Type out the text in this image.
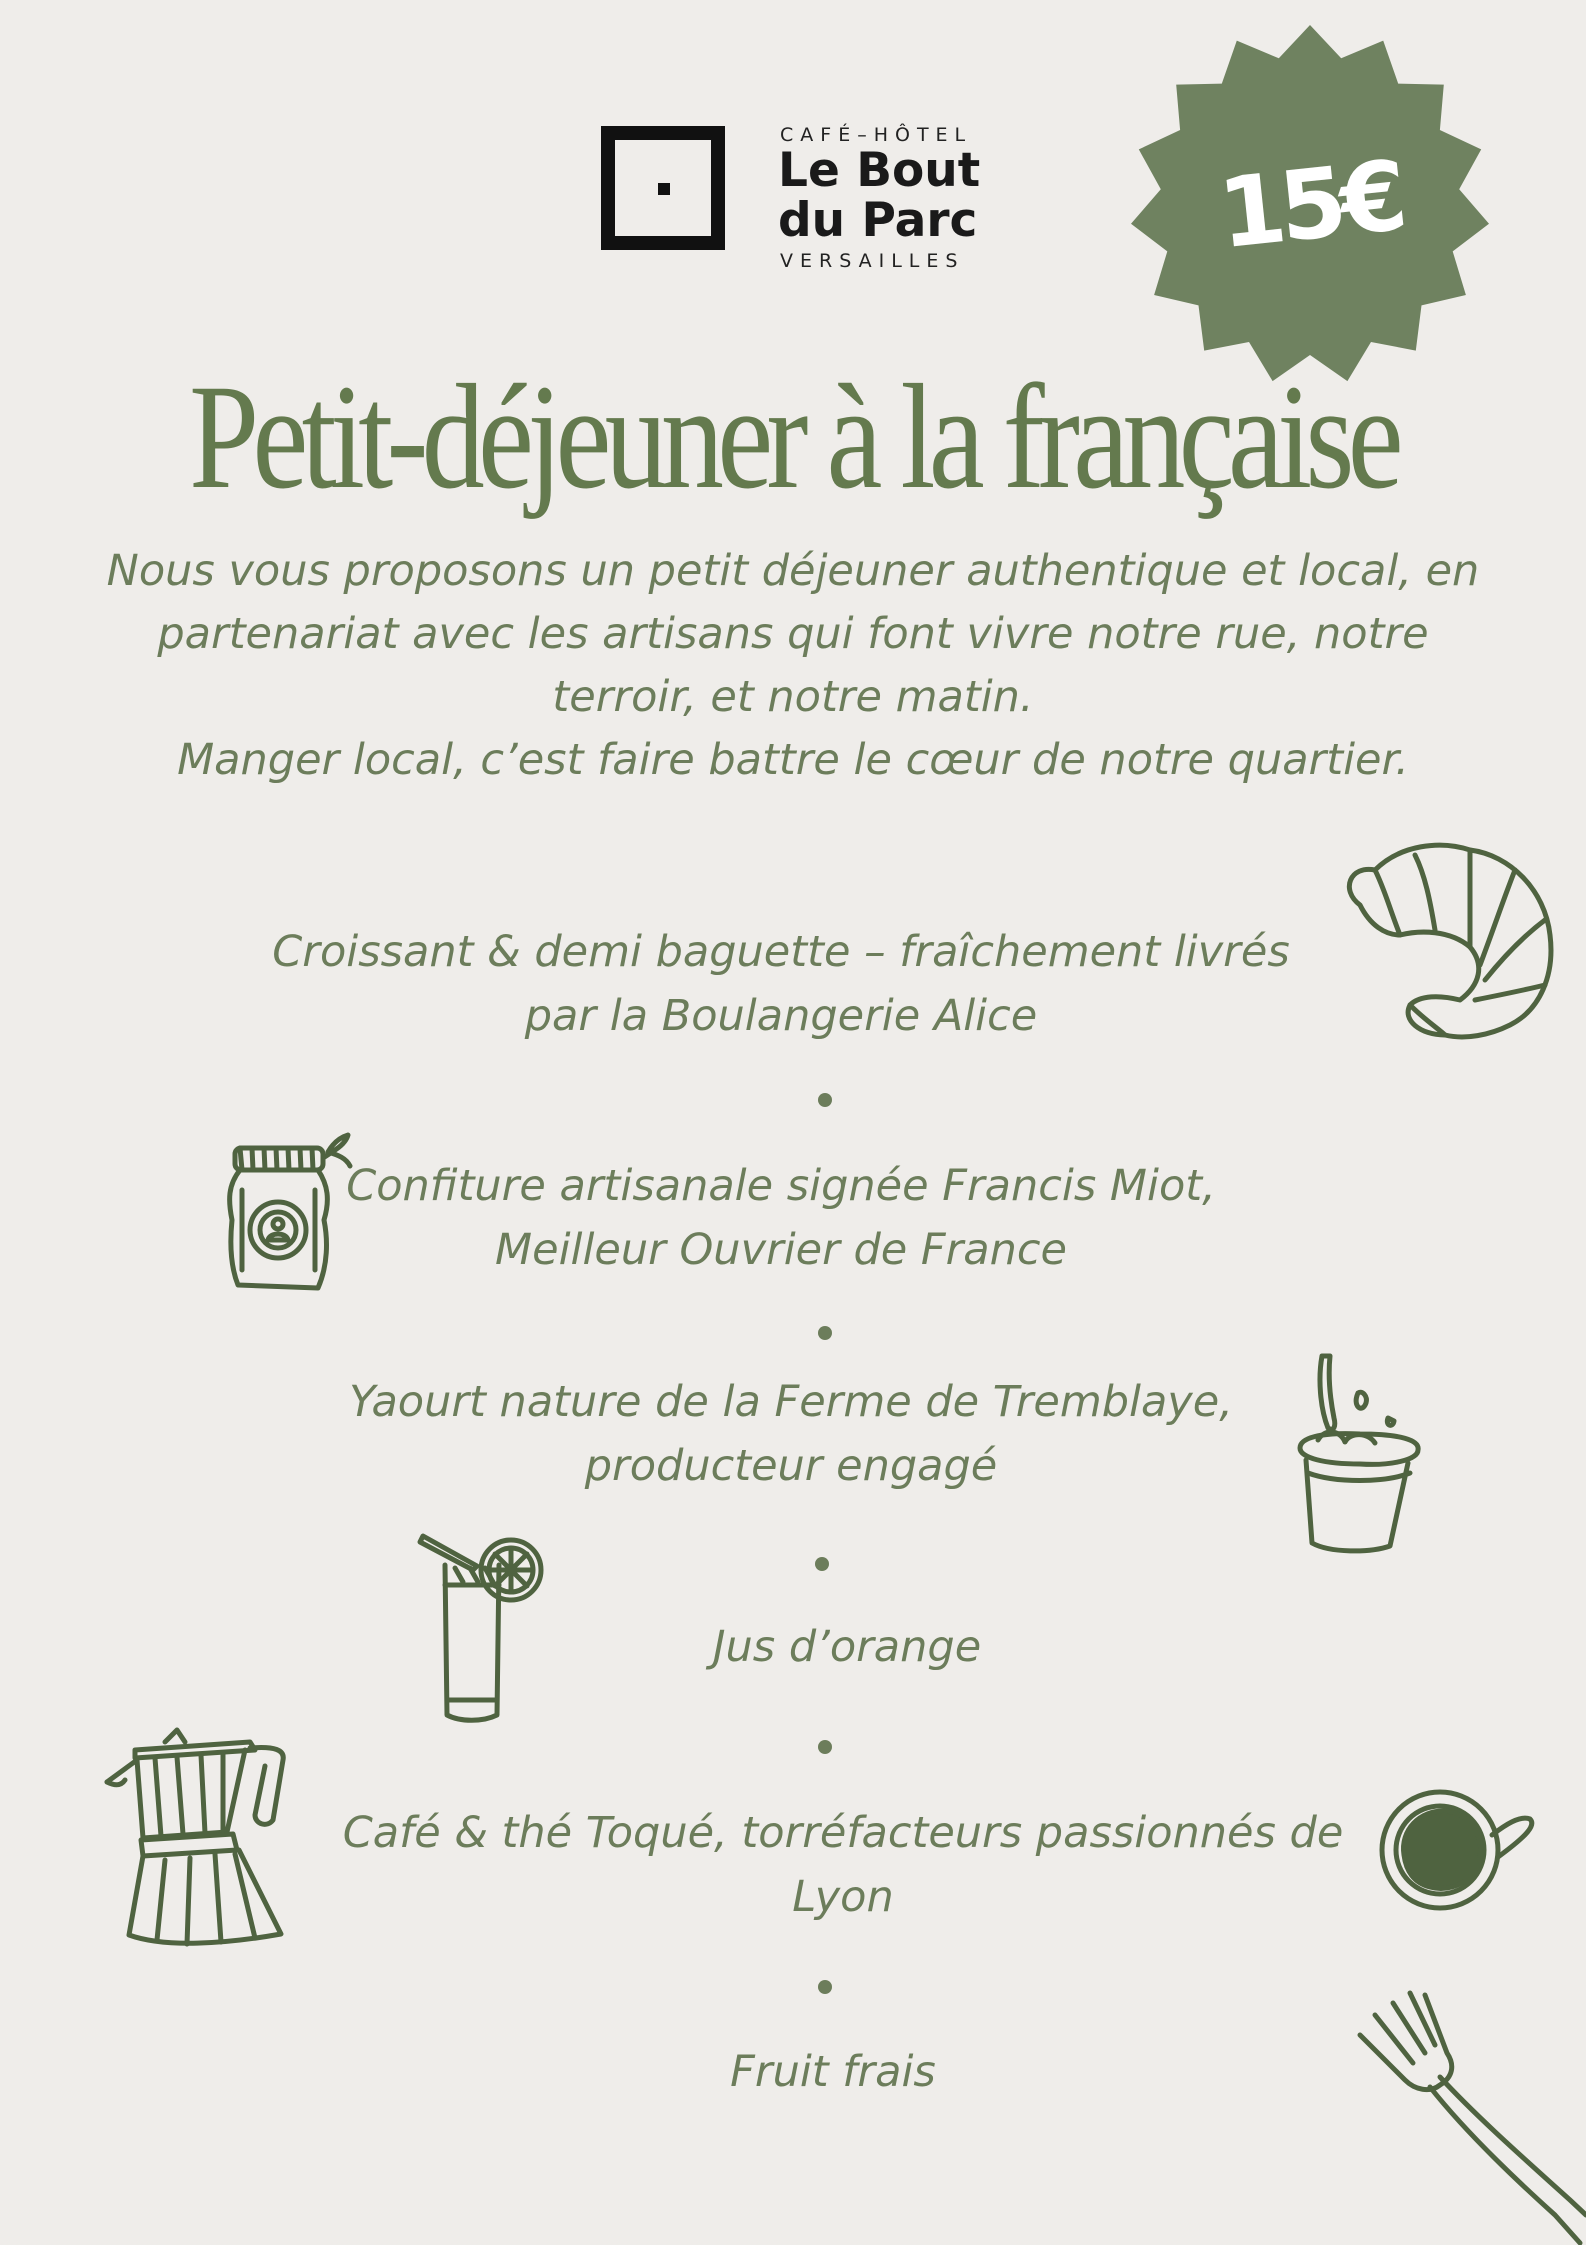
CAFÉ–HÔTEL
Le Bout
du Parc
VERSAILLES	15€
Petit-déjeuner à la française
Nous vous proposons un petit déjeuner authentique et local, en
partenariat avec les artisans qui font vivre notre rue, notre
terroir, et notre matin.
Manger local, c’est faire battre le cœur de notre quartier.
Croissant & demi baguette – fraîchement livrés
par la Boulangerie Alice
Confiture artisanale signée Francis Miot,
Meilleur Ouvrier de France
Yaourt nature de la Ferme de Tremblaye,
producteur engagé
Jus d’orange
Café & thé Toqué, torréfacteurs passionnés de
Lyon
Fruit frais
